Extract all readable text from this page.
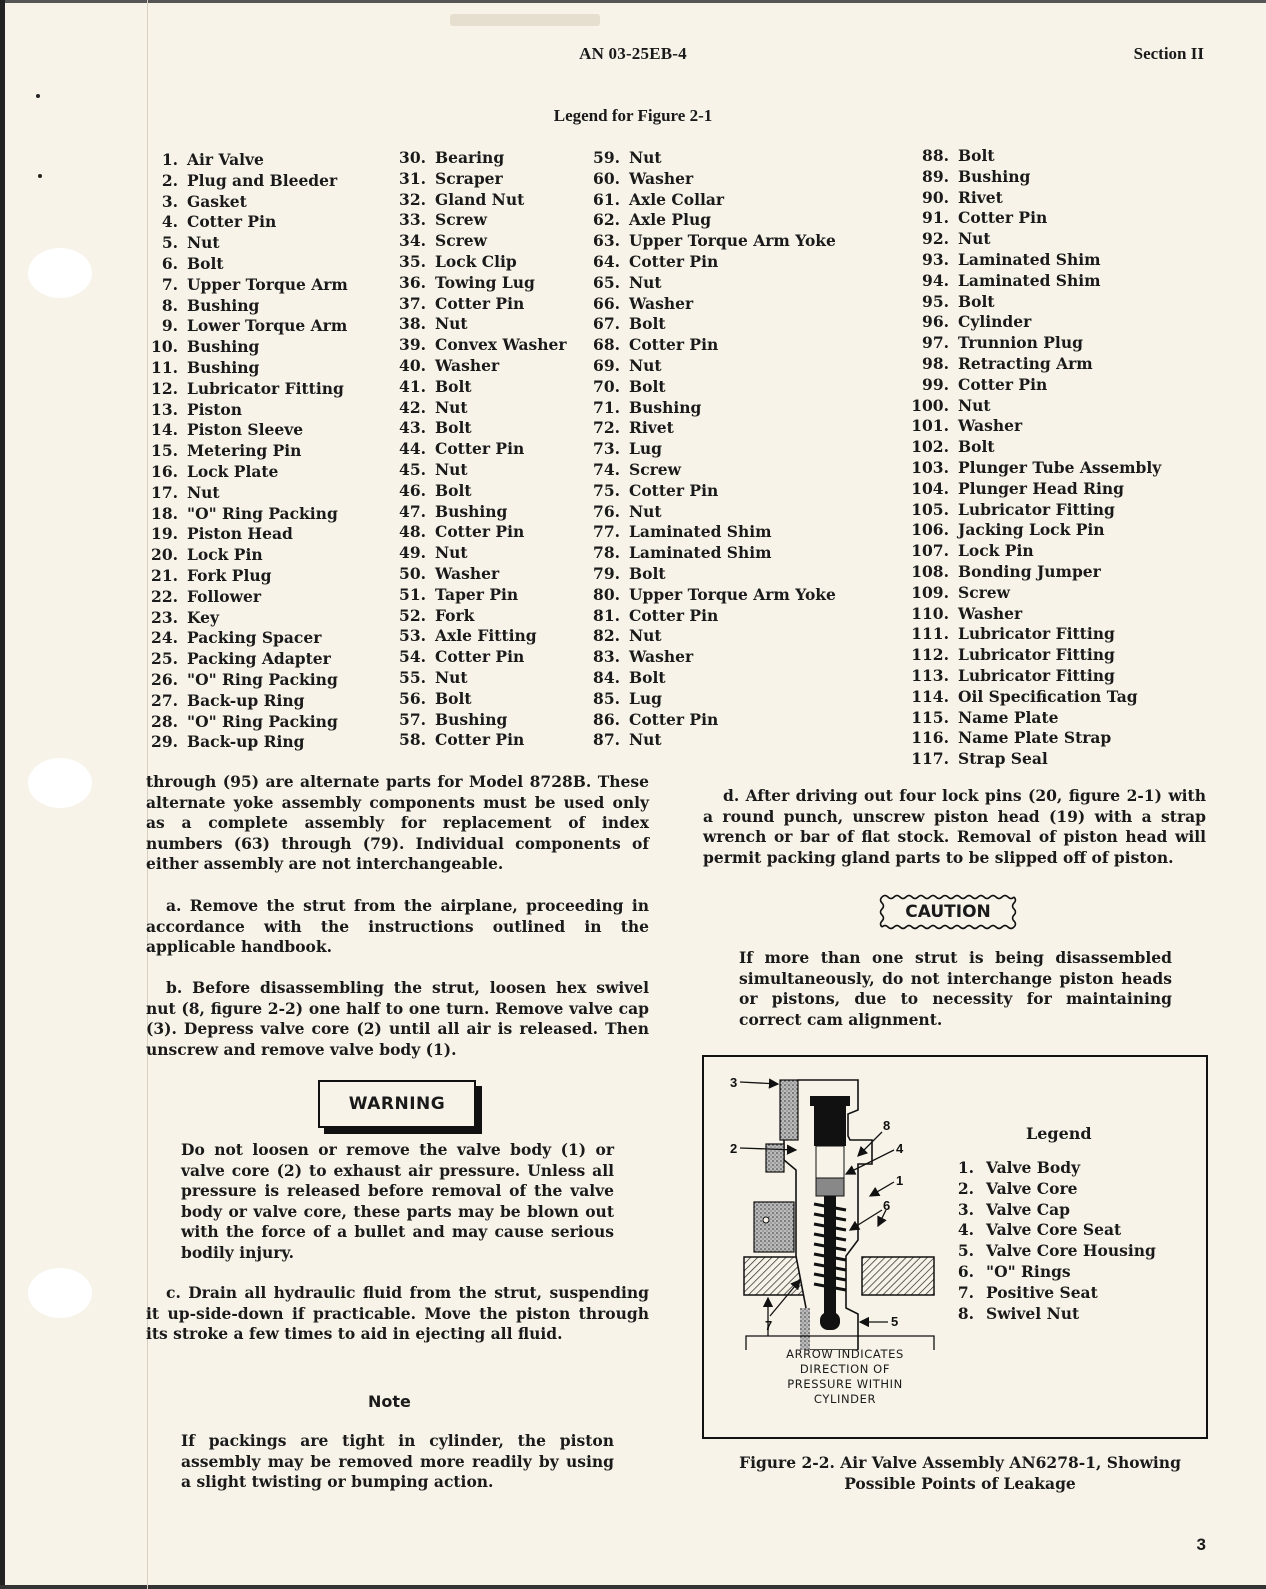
AN 03-25EB-4	Section II
Legend for Figure 2-1
1. Air Valve
2. Plug and Bleeder
3. Gasket
4. Cotter Pin
5. Nut
6. Bolt
7. Upper Torque Arm
8. Bushing
9. Lower Torque Arm
10. Bushing
11. Bushing
12. Lubricator Fitting
13. Piston
14. Piston Sleeve
15. Metering Pin
16. Lock Plate
17. Nut
18. "O" Ring Packing
19. Piston Head
20. Lock Pin
21. Fork Plug
22. Follower
23. Key
24. Packing Spacer
25. Packing Adapter
26. "O" Ring Packing
27. Back-up Ring
28. "O" Ring Packing
29. Back-up Ring
30. Bearing
31. Scraper
32. Gland Nut
33. Screw
34. Screw
35. Lock Clip
36. Towing Lug
37. Cotter Pin
38. Nut
39. Convex Washer
40. Washer
41. Bolt
42. Nut
43. Bolt
44. Cotter Pin
45. Nut
46. Bolt
47. Bushing
48. Cotter Pin
49. Nut
50. Washer
51. Taper Pin
52. Fork
53. Axle Fitting
54. Cotter Pin
55. Nut
56. Bolt
57. Bushing
58. Cotter Pin
59. Nut
60. Washer
61. Axle Collar
62. Axle Plug
63. Upper Torque Arm Yoke
64. Cotter Pin
65. Nut
66. Washer
67. Bolt
68. Cotter Pin
69. Nut
70. Bolt
71. Bushing
72. Rivet
73. Lug
74. Screw
75. Cotter Pin
76. Nut
77. Laminated Shim
78. Laminated Shim
79. Bolt
80. Upper Torque Arm Yoke
81. Cotter Pin
82. Nut
83. Washer
84. Bolt
85. Lug
86. Cotter Pin
87. Nut
88. Bolt
89. Bushing
90. Rivet
91. Cotter Pin
92. Nut
93. Laminated Shim
94. Laminated Shim
95. Bolt
96. Cylinder
97. Trunnion Plug
98. Retracting Arm
99. Cotter Pin
100. Nut
101. Washer
102. Bolt
103. Plunger Tube Assembly
104. Plunger Head Ring
105. Lubricator Fitting
106. Jacking Lock Pin
107. Lock Pin
108. Bonding Jumper
109. Screw
110. Washer
111. Lubricator Fitting
112. Lubricator Fitting
113. Lubricator Fitting
114. Oil Specification Tag
115. Name Plate
116. Name Plate Strap
117. Strap Seal

through (95) are alternate parts for Model 8728B. These alternate yoke assembly components must be used only as a complete assembly for replacement of index numbers (63) through (79). Individual components of either assembly are not interchangeable.

a. Remove the strut from the airplane, proceeding in accordance with the instructions outlined in the applicable handbook.

b. Before disassembling the strut, loosen hex swivel nut (8, figure 2-2) one half to one turn. Remove valve cap (3). Depress valve core (2) until all air is released. Then unscrew and remove valve body (1).

WARNING

Do not loosen or remove the valve body (1) or valve core (2) to exhaust air pressure. Unless all pressure is released before removal of the valve body or valve core, these parts may be blown out with the force of a bullet and may cause serious bodily injury.

c. Drain all hydraulic fluid from the strut, suspending it up-side-down if practicable. Move the piston through its stroke a few times to aid in ejecting all fluid.

Note

If packings are tight in cylinder, the piston assembly may be removed more readily by using a slight twisting or bumping action.

d. After driving out four lock pins (20, figure 2-1) with a round punch, unscrew piston head (19) with a strap wrench or bar of flat stock. Removal of piston head will permit packing gland parts to be slipped off of piston.

CAUTION

If more than one strut is being disassembled simultaneously, do not interchange piston heads or pistons, due to necessity for maintaining correct cam alignment.

3
2
8
4
1
6
7	5
ARROW INDICATES
DIRECTION OF
PRESSURE WITHIN
CYLINDER
Legend
1. Valve Body
2. Valve Core
3. Valve Cap
4. Valve Core Seat
5. Valve Core Housing
6. "O" Rings
7. Positive Seat
8. Swivel Nut
Figure 2-2. Air Valve Assembly AN6278-1, Showing
Possible Points of Leakage
3
